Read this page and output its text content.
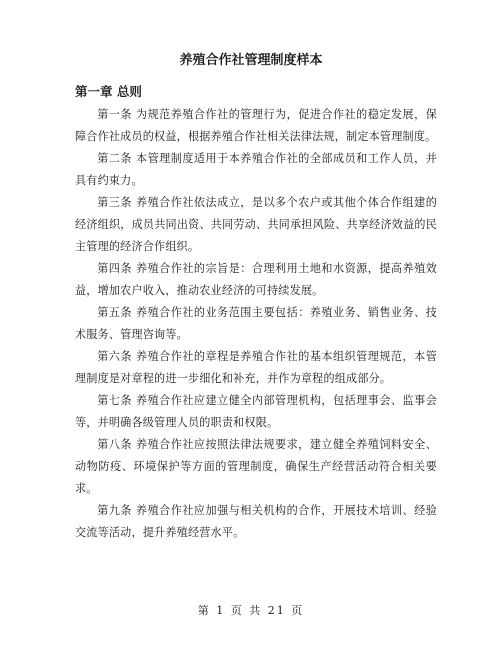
养殖合作社管理制度样本
第一章 总则

第一条 为规范养殖合作社的管理行为，促进合作社的稳定发展，保障合作社成员的权益，根据养殖合作社相关法律法规，制定本管理制度。

第二条 本管理制度适用于本养殖合作社的全部成员和工作人员，并具有约束力。

第三条 养殖合作社依法成立，是以多个农户或其他个体合作组建的经济组织，成员共同出资、共同劳动、共同承担风险、共享经济效益的民主管理的经济合作组织。

第四条 养殖合作社的宗旨是：合理利用土地和水资源，提高养殖效益，增加农户收入，推动农业经济的可持续发展。

第五条 养殖合作社的业务范围主要包括：养殖业务、销售业务、技术服务、管理咨询等。

第六条 养殖合作社的章程是养殖合作社的基本组织管理规范，本管理制度是对章程的进一步细化和补充，并作为章程的组成部分。

第七条 养殖合作社应建立健全内部管理机构，包括理事会、监事会等，并明确各级管理人员的职责和权限。

第八条 养殖合作社应按照法律法规要求，建立健全养殖饲料安全、动物防疫、环境保护等方面的管理制度，确保生产经营活动符合相关要求。

第九条 养殖合作社应加强与相关机构的合作，开展技术培训、经验交流等活动，提升养殖经营水平。

第 1 页 共 21 页
